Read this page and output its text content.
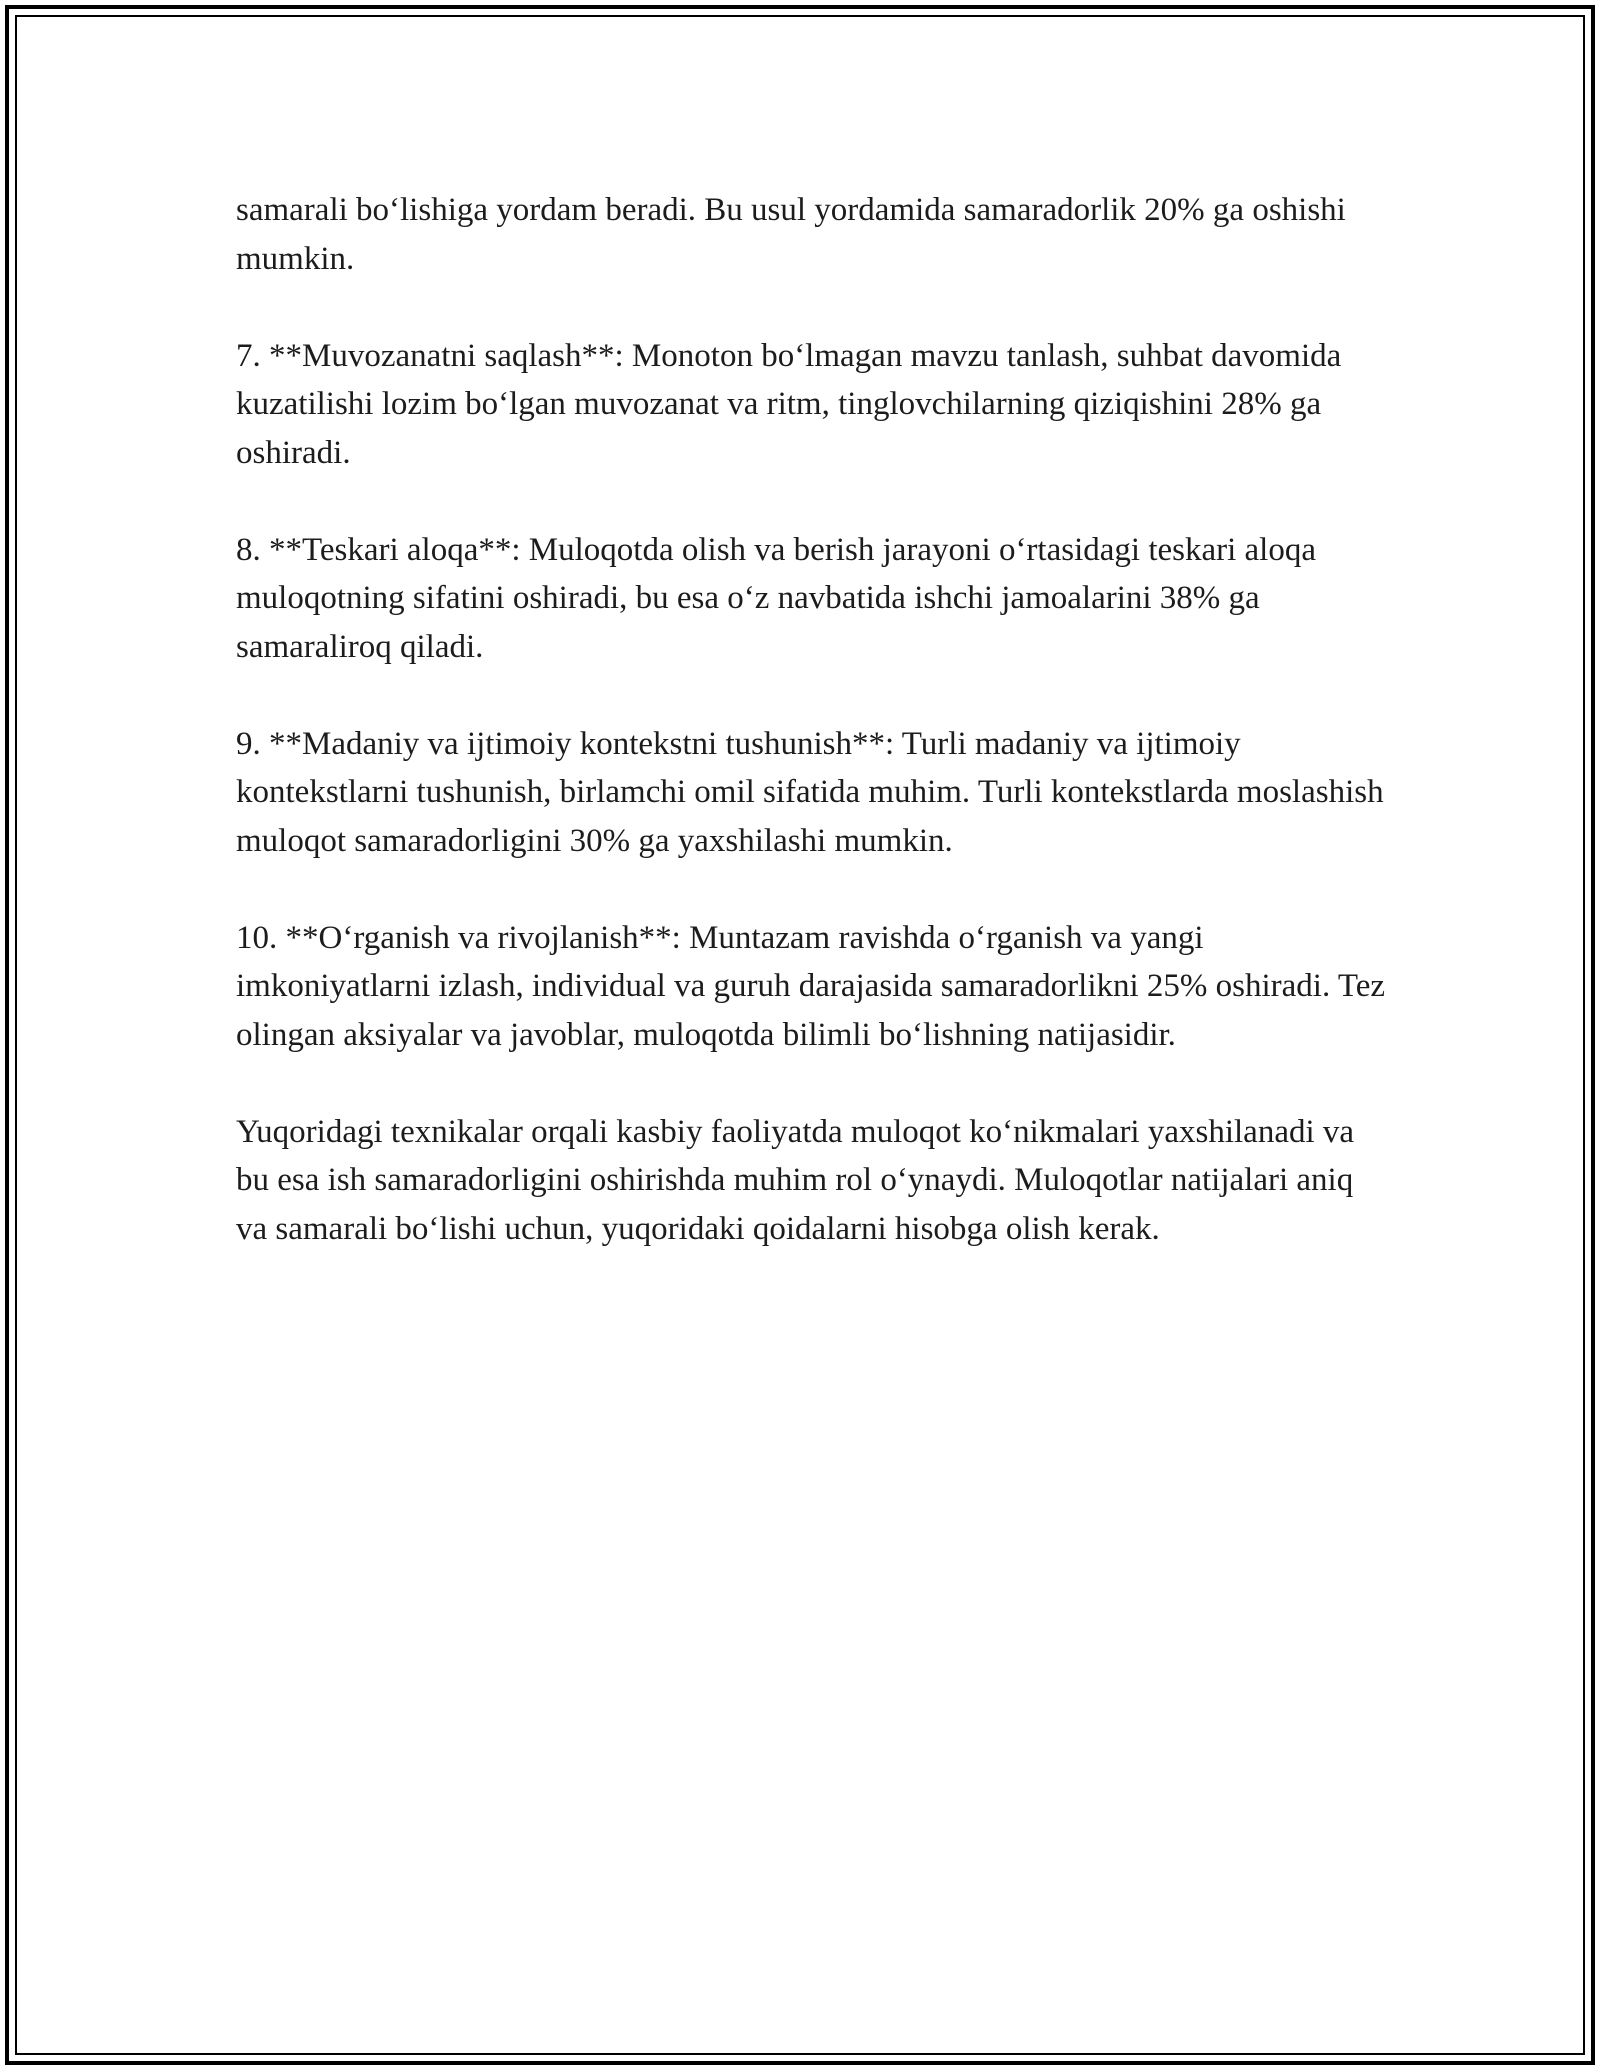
samarali bo‘lishiga yordam beradi. Bu usul yordamida samaradorlik 20% ga oshishi mumkin.

7. **Muvozanatni saqlash**: Monoton bo‘lmagan mavzu tanlash, suhbat davomida kuzatilishi lozim bo‘lgan muvozanat va ritm, tinglovchilarning qiziqishini 28% ga oshiradi.

8. **Teskari aloqa**: Muloqotda olish va berish jarayoni o‘rtasidagi teskari aloqa muloqotning sifatini oshiradi, bu esa o‘z navbatida ishchi jamoalarini 38% ga samaraliroq qiladi.

9. **Madaniy va ijtimoiy kontekstni tushunish**: Turli madaniy va ijtimoiy kontekstlarni tushunish, birlamchi omil sifatida muhim. Turli kontekstlarda moslashish muloqot samaradorligini 30% ga yaxshilashi mumkin.

10. **O‘rganish va rivojlanish**: Muntazam ravishda o‘rganish va yangi imkoniyatlarni izlash, individual va guruh darajasida samaradorlikni 25% oshiradi. Tez olingan aksiyalar va javoblar, muloqotda bilimli bo‘lishning natijasidir.

Yuqoridagi texnikalar orqali kasbiy faoliyatda muloqot ko‘nikmalari yaxshilanadi va bu esa ish samaradorligini oshirishda muhim rol o‘ynaydi. Muloqotlar natijalari aniq va samarali bo‘lishi uchun, yuqoridaki qoidalarni hisobga olish kerak.
